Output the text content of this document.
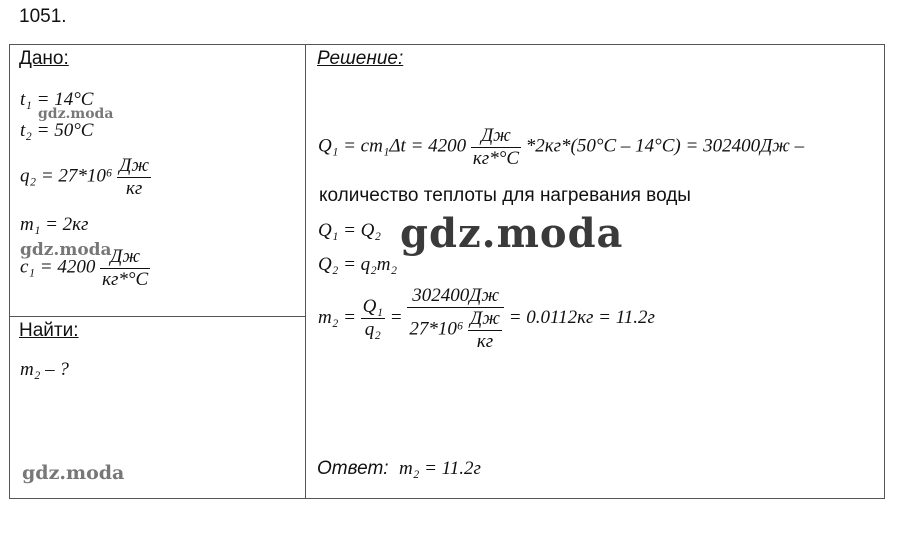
1051.
Дано:
t₁ = 14°C
gdz.moda
t₂ = 50°C
$q_2 = 27*10^6 \frac{Дж}{кг}$
m₁ = 2кг
gdz.moda
$c_1 = 4200 \frac{Дж}{кг*^\circ C}$
Найти:
m₂ – ?
gdz.moda
Решение:
$Q_1 = cm_1\Delta t = 4200 \frac{Дж}{кг*^\circ C} *2кг*(50^\circ C - 14^\circ C) = 302400Дж$ –
количество теплоты для нагревания воды
Q₁ = Q₂ gdz.moda
Q₂ = q₂m₂
$m_2 = \frac{\text{Q₁}}{\text{q₂}} = \frac{302400Дж}{27*10^6 \frac{Дж}{кг}} = 0.0112кг = 11.2г$
Ответ: m₂ = 11.2г
